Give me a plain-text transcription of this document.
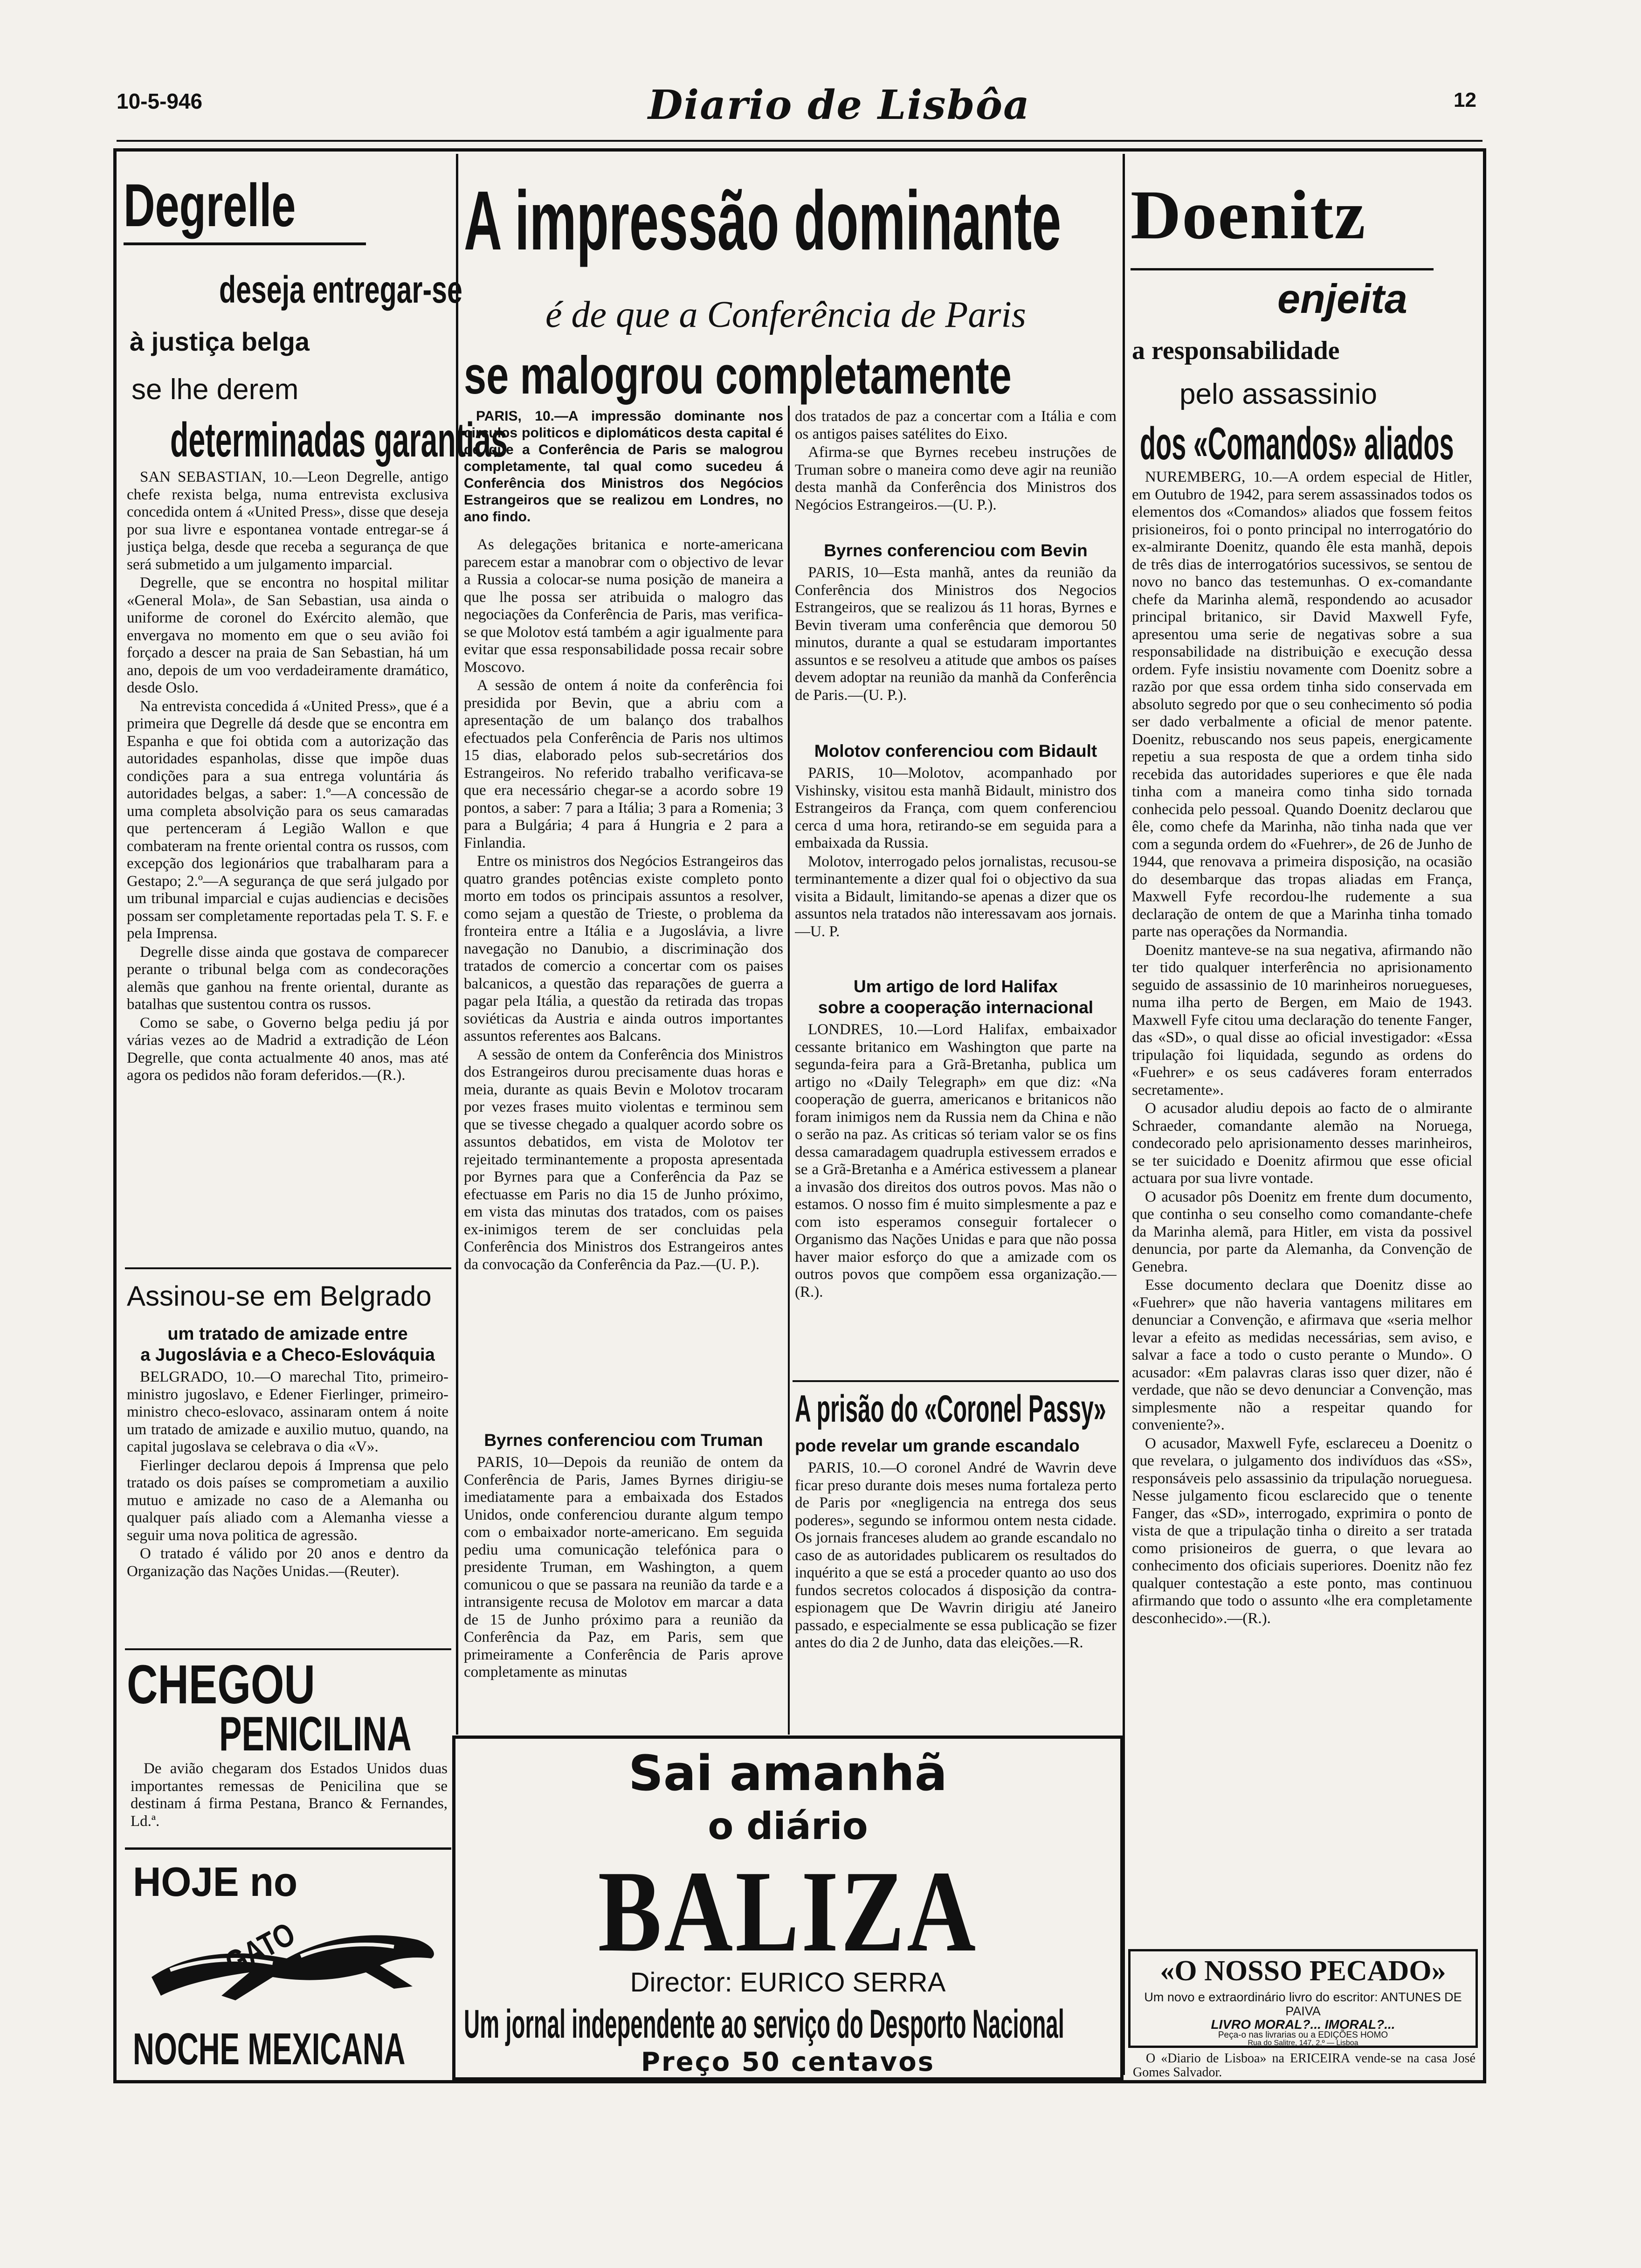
10-5-946	Diario de Lisbôa	12
Degrelle
deseja entregar-se
à justiça belga
se lhe derem
determinadas garantias

SAN SEBASTIAN, 10.—Leon Degrelle, antigo chefe rexista belga, numa entrevista exclusiva concedida ontem á «United Press», disse que deseja por sua livre e espontanea vontade entregar-se á justiça belga, desde que receba a segurança de que será submetido a um julgamento imparcial.

Degrelle, que se encontra no hospital militar «General Mola», de San Sebastian, usa ainda o uniforme de coronel do Exército alemão, que envergava no momento em que o seu avião foi forçado a descer na praia de San Sebastian, há um ano, depois de um voo verdadeiramente dramático, desde Oslo.

Na entrevista concedida á «United Press», que é a primeira que Degrelle dá desde que se encontra em Espanha e que foi obtida com a autorização das autoridades espanholas, disse que impõe duas condições para a sua entrega voluntária ás autoridades belgas, a saber: 1.º—A concessão de uma completa absolvição para os seus camaradas que pertenceram á Legião Wallon e que combateram na frente oriental contra os russos, com excepção dos legionários que trabalharam para a Gestapo; 2.º—A segurança de que será julgado por um tribunal imparcial e cujas audiencias e decisões possam ser completamente reportadas pela T. S. F. e pela Imprensa.

Degrelle disse ainda que gostava de comparecer perante o tribunal belga com as condecorações alemãs que ganhou na frente oriental, durante as batalhas que sustentou contra os russos.

Como se sabe, o Governo belga pediu já por várias vezes ao de Madrid a extradição de Léon Degrelle, que conta actualmente 40 anos, mas até agora os pedidos não foram deferidos.—(R.).

Assinou-se em Belgrado
um tratado de amizade entre
a Jugoslávia e a Checo-Eslováquia

BELGRADO, 10.—O marechal Tito, primeiro-ministro jugoslavo, e Edener Fierlinger, primeiro-ministro checo-eslovaco, assinaram ontem á noite um tratado de amizade e auxilio mutuo, quando, na capital jugoslava se celebrava o dia «V».

Fierlinger declarou depois á Imprensa que pelo tratado os dois países se comprometiam a auxilio mutuo e amizade no caso de a Alemanha ou qualquer país aliado com a Alemanha viesse a seguir uma nova politica de agressão.

O tratado é válido por 20 anos e dentro da Organização das Nações Unidas.—(Reuter).

CHEGOU
PENICILINA
De avião chegaram dos Estados Unidos duas importantes remessas de Penicilina que se destinam á firma Pestana, Branco & Fernandes, Ld.ª.
HOJE no
GATO
NOCHE MEXICANA
A impressão dominante
é de que a Conferência de Paris
se malogrou completamente
PARIS, 10.—A impressão dominante nos circulos politicos e diplomáticos desta capital é de que a Conferência de Paris se malogrou completamente, tal qual como sucedeu á Conferência dos Ministros dos Negócios Estrangeiros que se realizou em Londres, no ano findo.

As delegações britanica e norte-americana parecem estar a manobrar com o objectivo de levar a Russia a colocar-se numa posição de maneira a que lhe possa ser atribuida o malogro das negociações da Conferência de Paris, mas verifica-se que Molotov está também a agir igualmente para evitar que essa responsabilidade possa recair sobre Moscovo.

A sessão de ontem á noite da conferência foi presidida por Bevin, que a abriu com a apresentação de um balanço dos trabalhos efectuados pela Conferência de Paris nos ultimos 15 dias, elaborado pelos sub-secretários dos Estrangeiros. No referido trabalho verificava-se que era necessário chegar-se a acordo sobre 19 pontos, a saber: 7 para a Itália; 3 para a Romenia; 3 para a Bulgária; 4 para á Hungria e 2 para a Finlandia.

Entre os ministros dos Negócios Estrangeiros das quatro grandes potências existe completo ponto morto em todos os principais assuntos a resolver, como sejam a questão de Trieste, o problema da fronteira entre a Itália e a Jugoslávia, a livre navegação no Danubio, a discriminação dos tratados de comercio a concertar com os paises balcanicos, a questão das reparações de guerra a pagar pela Itália, a questão da retirada das tropas soviéticas da Austria e ainda outros importantes assuntos referentes aos Balcans.

A sessão de ontem da Conferência dos Ministros dos Estrangeiros durou precisamente duas horas e meia, durante as quais Bevin e Molotov trocaram por vezes frases muito violentas e terminou sem que se tivesse chegado a qualquer acordo sobre os assuntos debatidos, em vista de Molotov ter rejeitado terminantemente a proposta apresentada por Byrnes para que a Conferência da Paz se efectuasse em Paris no dia 15 de Junho próximo, em vista das minutas dos tratados, com os paises ex-inimigos terem de ser concluidas pela Conferência dos Ministros dos Estrangeiros antes da convocação da Conferência da Paz.—(U. P.).

Byrnes conferenciou com Truman

PARIS, 10—Depois da reunião de ontem da Conferência de Paris, James Byrnes dirigiu-se imediatamente para a embaixada dos Estados Unidos, onde conferenciou durante algum tempo com o embaixador norte-americano. Em seguida pediu uma comunicação telefónica para o presidente Truman, em Washington, a quem comunicou o que se passara na reunião da tarde e a intransigente recusa de Molotov em marcar a data de 15 de Junho próximo para a reunião da Conferência da Paz, em Paris, sem que primeiramente a Conferência de Paris aprove completamente as minutas

dos tratados de paz a concertar com a Itália e com os antigos paises satélites do Eixo.

Afirma-se que Byrnes recebeu instruções de Truman sobre o maneira como deve agir na reunião desta manhã da Conferência dos Ministros dos Negócios Estrangeiros.—(U. P.).

Byrnes conferenciou com Bevin

PARIS, 10—Esta manhã, antes da reunião da Conferência dos Ministros dos Negocios Estrangeiros, que se realizou ás 11 horas, Byrnes e Bevin tiveram uma conferência que demorou 50 minutos, durante a qual se estudaram importantes assuntos e se resolveu a atitude que ambos os países devem adoptar na reunião da manhã da Conferência de Paris.—(U. P.).

Molotov conferenciou com Bidault

PARIS, 10—Molotov, acompanhado por Vishinsky, visitou esta manhã Bidault, ministro dos Estrangeiros da França, com quem conferenciou cerca d uma hora, retirando-se em seguida para a embaixada da Russia.

Molotov, interrogado pelos jornalistas, recusou-se terminantemente a dizer qual foi o objectivo da sua visita a Bidault, limitando-se apenas a dizer que os assuntos nela tratados não interessavam aos jornais.—U. P.

Um artigo de lord Halifax
sobre a cooperação internacional

LONDRES, 10.—Lord Halifax, embaixador cessante britanico em Washington que parte na segunda-feira para a Grã-Bretanha, publica um artigo no «Daily Telegraph» em que diz: «Na cooperação de guerra, americanos e britanicos não foram inimigos nem da Russia nem da China e não o serão na paz. As criticas só teriam valor se os fins dessa camaradagem quadrupla estivessem errados e se a Grã-Bretanha e a América estivessem a planear a invasão dos direitos dos outros povos. Mas não o estamos. O nosso fim é muito simplesmente a paz e com isto esperamos conseguir fortalecer o Organismo das Nações Unidas e para que não possa haver maior esforço do que a amizade com os outros povos que compõem essa organização.—(R.).

A prisão do «Coronel Passy»
pode revelar um grande escandalo

PARIS, 10.—O coronel André de Wavrin deve ficar preso durante dois meses numa fortaleza perto de Paris por «negligencia na entrega dos seus poderes», segundo se informou ontem nesta cidade. Os jornais franceses aludem ao grande escandalo no caso de as autoridades publicarem os resultados do inquérito a que se está a proceder quanto ao uso dos fundos secretos colocados á disposição da contra-espionagem que De Wavrin dirigiu até Janeiro passado, e especialmente se essa publicação se fizer antes do dia 2 de Junho, data das eleições.—R.

Sai amanhã
o diário
BALIZA
Director: EURICO SERRA
Um jornal independente ao serviço do Desporto Nacional
Preço 50 centavos
Doenitz
enjeita
a responsabilidade
pelo assassinio
dos «Comandos» aliados

NUREMBERG, 10.—A ordem especial de Hitler, em Outubro de 1942, para serem assassinados todos os elementos dos «Comandos» aliados que fossem feitos prisioneiros, foi o ponto principal no interrogatório do ex-almirante Doenitz, quando êle esta manhã, depois de três dias de interrogatórios sucessivos, se sentou de novo no banco das testemunhas. O ex-comandante chefe da Marinha alemã, respondendo ao acusador principal britanico, sir David Maxwell Fyfe, apresentou uma serie de negativas sobre a sua responsabilidade na distribuição e execução dessa ordem. Fyfe insistiu novamente com Doenitz sobre a razão por que essa ordem tinha sido conservada em absoluto segredo por que o seu conhecimento só podia ser dado verbalmente a oficial de menor patente. Doenitz, rebuscando nos seus papeis, energicamente repetiu a sua resposta de que a ordem tinha sido recebida das autoridades superiores e que êle nada tinha com a maneira como tinha sido tornada conhecida pelo pessoal. Quando Doenitz declarou que êle, como chefe da Marinha, não tinha nada que ver com a segunda ordem do «Fuehrer», de 26 de Junho de 1944, que renovava a primeira disposição, na ocasião do desembarque das tropas aliadas em França, Maxwell Fyfe recordou-lhe rudemente a sua declaração de ontem de que a Marinha tinha tomado parte nas operações da Normandia.

Doenitz manteve-se na sua negativa, afirmando não ter tido qualquer interferência no aprisionamento seguido de assassinio de 10 marinheiros noruegueses, numa ilha perto de Bergen, em Maio de 1943. Maxwell Fyfe citou uma declaração do tenente Fanger, das «SD», o qual disse ao oficial investigador: «Essa tripulação foi liquidada, segundo as ordens do «Fuehrer» e os seus cadáveres foram enterrados secretamente».

O acusador aludiu depois ao facto de o almirante Schraeder, comandante alemão na Noruega, condecorado pelo aprisionamento desses marinheiros, se ter suicidado e Doenitz afirmou que esse oficial actuara por sua livre vontade.

O acusador pôs Doenitz em frente dum documento, que continha o seu conselho como comandante-chefe da Marinha alemã, para Hitler, em vista da possivel denuncia, por parte da Alemanha, da Convenção de Genebra.

Esse documento declara que Doenitz disse ao «Fuehrer» que não haveria vantagens militares em denunciar a Convenção, e afirmava que «seria melhor levar a efeito as medidas necessárias, sem aviso, e salvar a face a todo o custo perante o Mundo». O acusador: «Em palavras claras isso quer dizer, não é verdade, que não se devo denunciar a Convenção, mas simplesmente não a respeitar quando for conveniente?».

O acusador, Maxwell Fyfe, esclareceu a Doenitz o que revelara, o julgamento dos indivíduos das «SS», responsáveis pelo assassinio da tripulação norueguesa. Nesse julgamento ficou esclarecido que o tenente Fanger, das «SD», interrogado, exprimira o ponto de vista de que a tripulação tinha o direito a ser tratada como prisioneiros de guerra, o que levara ao conhecimento dos oficiais superiores. Doenitz não fez qualquer contestação a este ponto, mas continuou afirmando que todo o assunto «lhe era completamente desconhecido».—(R.).

«O NOSSO PECADO»
Um novo e extraordinário livro do escritor: ANTUNES DE PAIVA
LIVRO MORAL?... IMORAL?...
Peça-o nas livrarias ou a EDIÇÕES HOMO
Rua do Salitre, 147, 2.º — Lisboa
O «Diario de Lisboa» na ERICEIRA vende-se na casa José Gomes Salvador.
